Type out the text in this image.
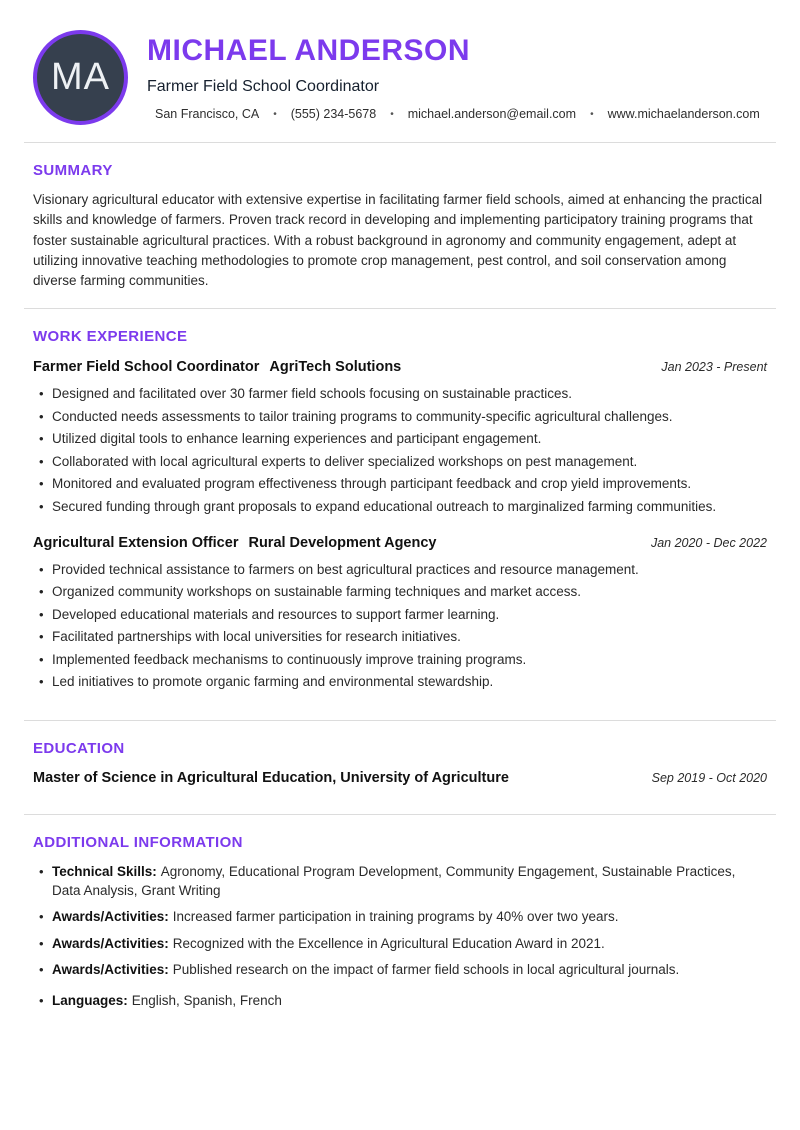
MA
MICHAEL ANDERSON
Farmer Field School Coordinator
San Francisco, CA • (555) 234-5678 • michael.anderson@email.com • www.michaelanderson.com
SUMMARY

Visionary agricultural educator with extensive expertise in facilitating farmer field schools, aimed at enhancing the practical skills and knowledge of farmers. Proven track record in developing and implementing participatory training programs that foster sustainable agricultural practices. With a robust background in agronomy and community engagement, adept at utilizing innovative teaching methodologies to promote crop management, pest control, and soil conservation among diverse farming communities.

WORK EXPERIENCE
Farmer Field School Coordinator AgriTech Solutions	Jan 2023 - Present
• Designed and facilitated over 30 farmer field schools focusing on sustainable practices.
• Conducted needs assessments to tailor training programs to community-specific agricultural challenges.
• Utilized digital tools to enhance learning experiences and participant engagement.
• Collaborated with local agricultural experts to deliver specialized workshops on pest management.
• Monitored and evaluated program effectiveness through participant feedback and crop yield improvements.
• Secured funding through grant proposals to expand educational outreach to marginalized farming communities.
Agricultural Extension Officer Rural Development Agency	Jan 2020 - Dec 2022
• Provided technical assistance to farmers on best agricultural practices and resource management.
• Organized community workshops on sustainable farming techniques and market access.
• Developed educational materials and resources to support farmer learning.
• Facilitated partnerships with local universities for research initiatives.
• Implemented feedback mechanisms to continuously improve training programs.
• Led initiatives to promote organic farming and environmental stewardship.
EDUCATION
Master of Science in Agricultural Education, University of Agriculture	Sep 2019 - Oct 2020
ADDITIONAL INFORMATION
• Technical Skills: Agronomy, Educational Program Development, Community Engagement, Sustainable Practices, Data Analysis, Grant Writing
• Awards/Activities: Increased farmer participation in training programs by 40% over two years.
• Awards/Activities: Recognized with the Excellence in Agricultural Education Award in 2021.
• Awards/Activities: Published research on the impact of farmer field schools in local agricultural journals.
• Languages: English, Spanish, French
